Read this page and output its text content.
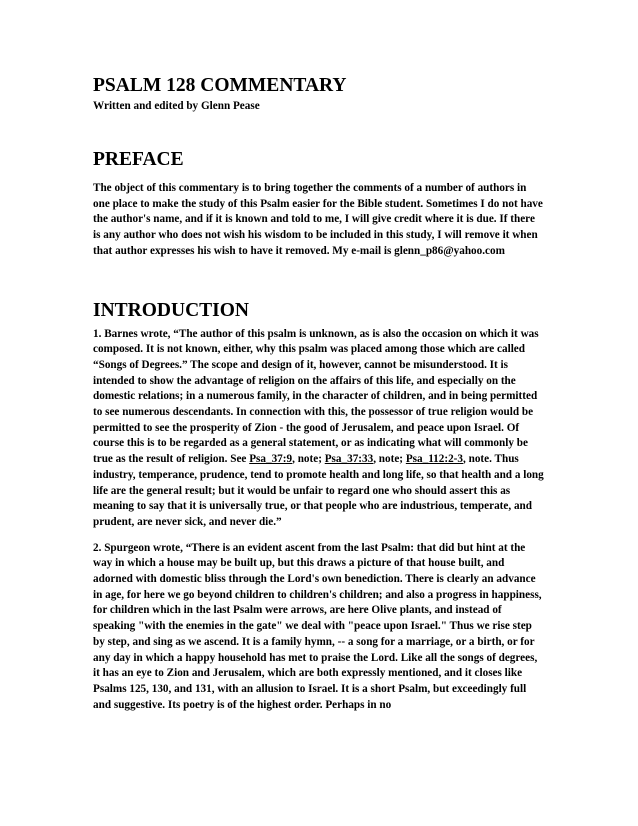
PSALM 128 COMMENTARY

Written and edited by Glenn Pease

PREFACE

The object of this commentary is to bring together the comments of a number of authors in one place to make the study of this Psalm easier for the Bible student. Sometimes I do not have the author's name, and if it is known and told to me, I will give credit where it is due. If there is any author who does not wish his wisdom to be included in this study, I will remove it when that author expresses his wish to have it removed. My e-mail is glenn_p86@yahoo.com

INTRODUCTION

1. Barnes wrote, “The author of this psalm is unknown, as is also the occasion on which it was composed. It is not known, either, why this psalm was placed among those which are called “Songs of Degrees.” The scope and design of it, however, cannot be misunderstood. It is intended to show the advantage of religion on the affairs of this life, and especially on the domestic relations; in a numerous family, in the character of children, and in being permitted to see numerous descendants. In connection with this, the possessor of true religion would be permitted to see the prosperity of Zion - the good of Jerusalem, and peace upon Israel. Of course this is to be regarded as a general statement, or as indicating what will commonly be true as the result of religion. See Psa_37:9, note; Psa_37:33, note; Psa_112:2-3, note. Thus industry, temperance, prudence, tend to promote health and long life, so that health and a long life are the general result; but it would be unfair to regard one who should assert this as meaning to say that it is universally true, or that people who are industrious, temperate, and prudent, are never sick, and never die.”

2. Spurgeon wrote, “There is an evident ascent from the last Psalm: that did but hint at the way in which a house may be built up, but this draws a picture of that house built, and adorned with domestic bliss through the Lord's own benediction. There is clearly an advance in age, for here we go beyond children to children's children; and also a progress in happiness, for children which in the last Psalm were arrows, are here Olive plants, and instead of speaking "with the enemies in the gate" we deal with "peace upon Israel." Thus we rise step by step, and sing as we ascend. It is a family hymn, -- a song for a marriage, or a birth, or for any day in which a happy household has met to praise the Lord. Like all the songs of degrees, it has an eye to Zion and Jerusalem, which are both expressly mentioned, and it closes like Psalms 125, 130, and 131, with an allusion to Israel. It is a short Psalm, but exceedingly full and suggestive. Its poetry is of the highest order. Perhaps in no
